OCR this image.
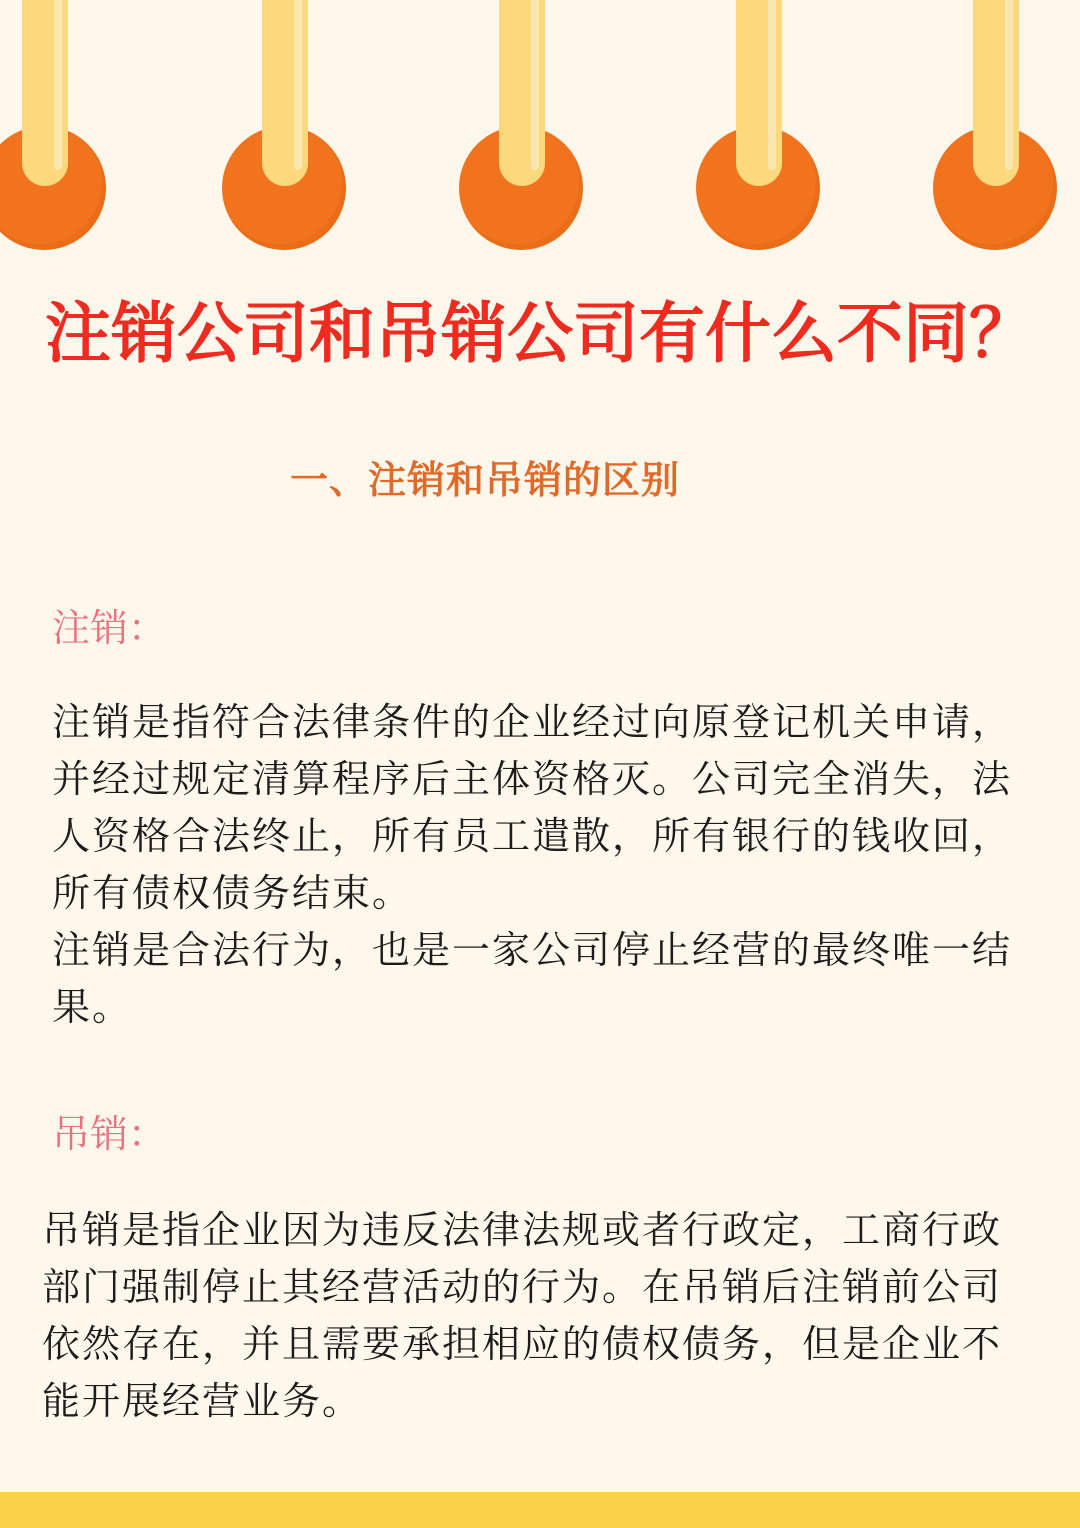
注销公司和吊销公司有什么不同？
一、注销和吊销的区别
注销：

注销是指符合法律条件的企业经过向原登记机关申请，
并经过规定清算程序后主体资格灭。公司完全消失，法
人资格合法终止，所有员工遣散，所有银行的钱收回，
所有债权债务结束。

注销是合法行为，也是一家公司停止经营的最终唯一结
果。

吊销：

吊销是指企业因为违反法律法规或者行政定，工商行政
部门强制停止其经营活动的行为。在吊销后注销前公司
依然存在，并且需要承担相应的债权债务，但是企业不
能开展经营业务。
